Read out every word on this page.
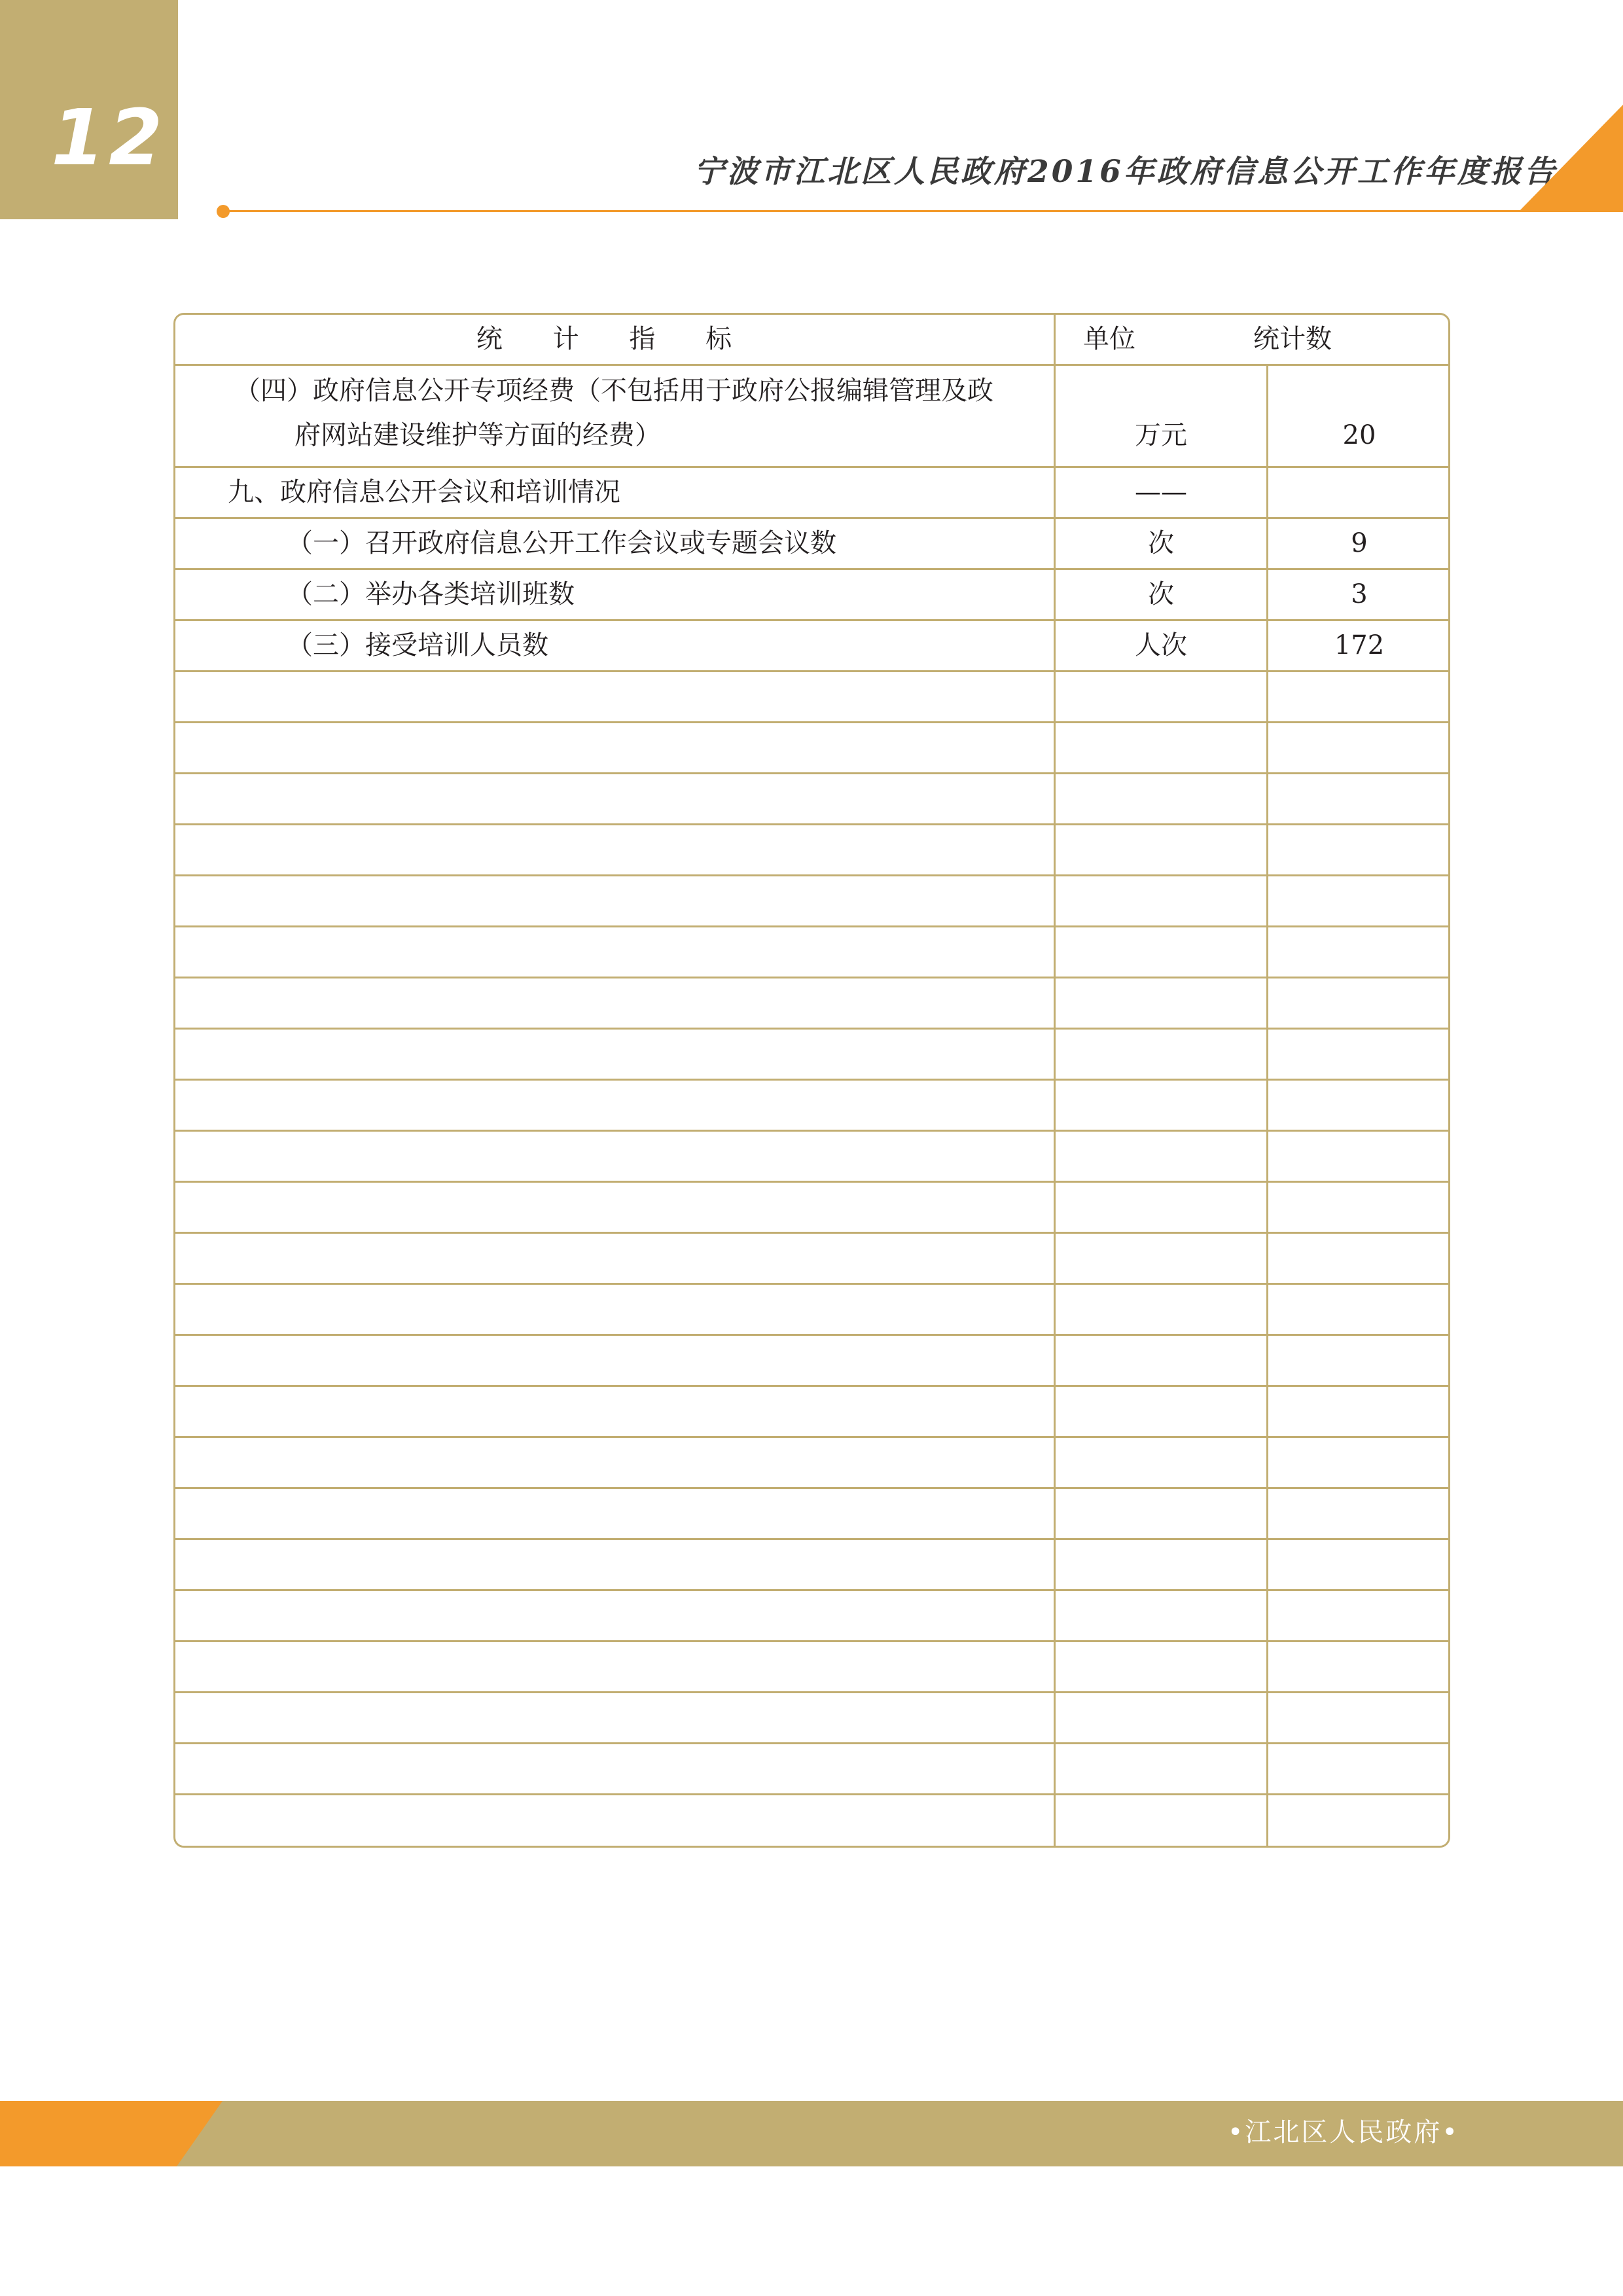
12	宁波市江北区人民政府2016年政府信息公开工作年度报告
统 计 指 标	单位	统计数
（四）政府信息公开专项经费（不包括用于政府公报编辑管理及政
府网站建设维护等方面的经费）	万元	20
九、政府信息公开会议和培训情况	——
（一）召开政府信息公开工作会议或专题会议数	次	9
（二）举办各类培训班数	次	3
（三）接受培训人员数	人次	172
•江北区人民政府•
